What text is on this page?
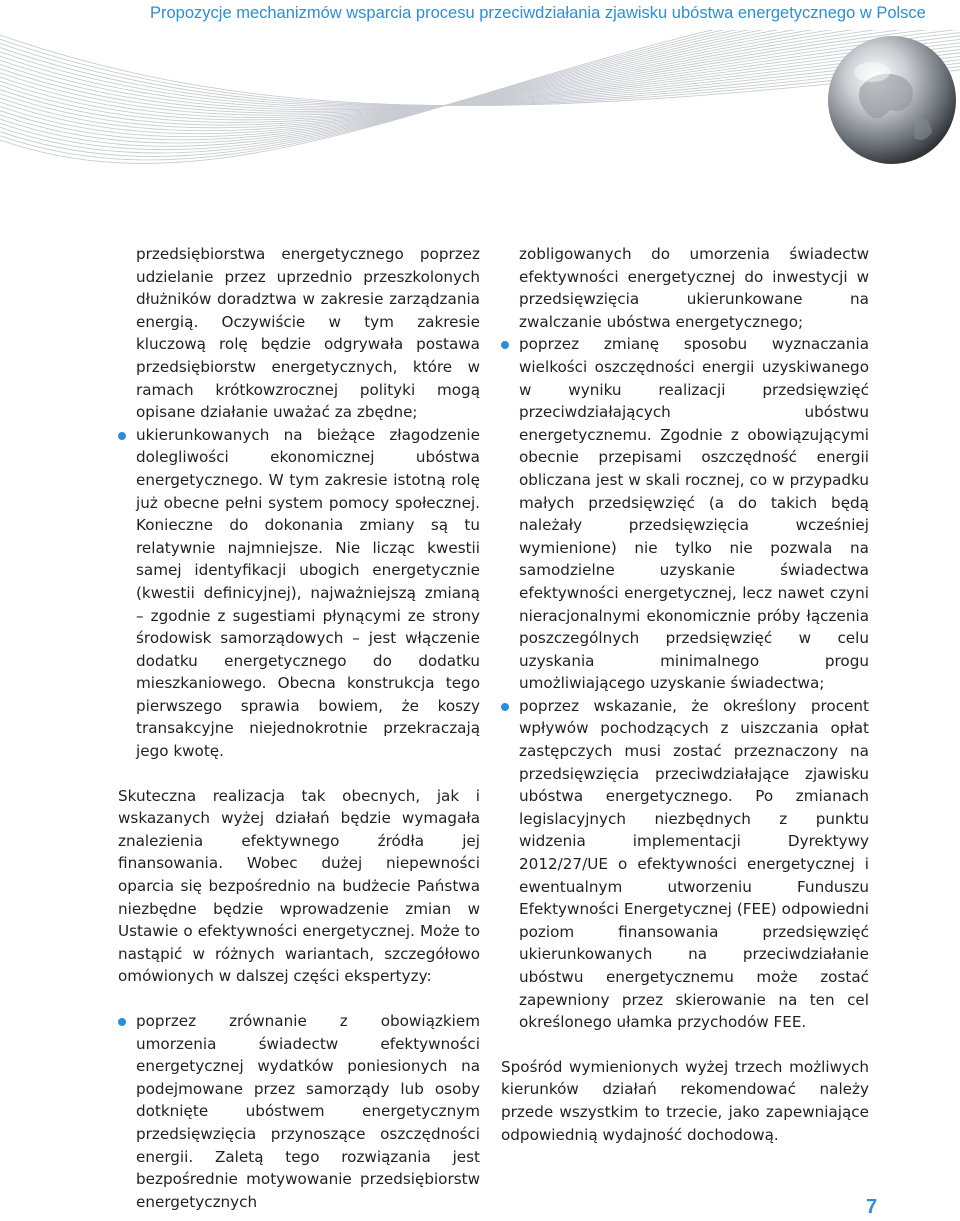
Propozycje mechanizmów wsparcia procesu przeciwdziałania zjawisku ubóstwa energetycznego w Polsce

przedsiębiorstwa energetycznego poprzez udzielanie przez uprzednio przeszkolonych dłużników doradztwa w zakresie zarządzania energią. Oczywiście w tym zakresie kluczową rolę będzie odgrywała postawa przedsiębiorstw energetycznych, które w ramach krótkowzrocznej polityki mogą opisane działanie uważać za zbędne;

ukierunkowanych na bieżące złagodzenie dolegliwości ekonomicznej ubóstwa energetycznego. W tym zakresie istotną rolę już obecne pełni system pomocy społecznej. Konieczne do dokonania zmiany są tu relatywnie najmniejsze. Nie licząc kwestii samej identyfikacji ubogich energetycznie (kwestii definicyjnej), najważniejszą zmianą – zgodnie z sugestiami płynącymi ze strony środowisk samorządowych – jest włączenie dodatku energetycznego do dodatku mieszkaniowego. Obecna konstrukcja tego pierwszego sprawia bowiem, że koszy transakcyjne niejednokrotnie przekraczają jego kwotę.

Skuteczna realizacja tak obecnych, jak i wskazanych wyżej działań będzie wymagała znalezienia efektywnego źródła jej finansowania. Wobec dużej niepewności oparcia się bezpośrednio na budżecie Państwa niezbędne będzie wprowadzenie zmian w Ustawie o efektywności energetycznej. Może to nastąpić w różnych wariantach, szczegółowo omówionych w dalszej części ekspertyzy:

poprzez zrównanie z obowiązkiem umorzenia świadectw efektywności energetycznej wydatków poniesionych na podejmowane przez samorządy lub osoby dotknięte ubóstwem energetycznym przedsięwzięcia przynoszące oszczędności energii. Zaletą tego rozwiązania jest bezpośrednie motywowanie przedsiębiorstw energetycznych

zobligowanych do umorzenia świadectw efektywności energetycznej do inwestycji w przedsięwzięcia ukierunkowane na zwalczanie ubóstwa energetycznego;

poprzez zmianę sposobu wyznaczania wielkości oszczędności energii uzyskiwanego w wyniku realizacji przedsięwzięć przeciwdziałających ubóstwu energetycznemu. Zgodnie z obowiązującymi obecnie przepisami oszczędność energii obliczana jest w skali rocznej, co w przypadku małych przedsięwzięć (a do takich będą należały przedsięwzięcia wcześniej wymienione) nie tylko nie pozwala na samodzielne uzyskanie świadectwa efektywności energetycznej, lecz nawet czyni nieracjonalnymi ekonomicznie próby łączenia poszczególnych przedsięwzięć w celu uzyskania minimalnego progu umożliwiającego uzyskanie świadectwa;
poprzez wskazanie, że określony procent wpływów pochodzących z uiszczania opłat zastępczych musi zostać przeznaczony na przedsięwzięcia przeciwdziałające zjawisku ubóstwa energetycznego. Po zmianach legislacyjnych niezbędnych z punktu widzenia implementacji Dyrektywy 2012/27/UE o efektywności energetycznej i ewentualnym utworzeniu Funduszu Efektywności Energetycznej (FEE) odpowiedni poziom finansowania przedsięwzięć ukierunkowanych na przeciwdziałanie ubóstwu energetycznemu może zostać zapewniony przez skierowanie na ten cel określonego ułamka przychodów FEE.

Spośród wymienionych wyżej trzech możliwych kierunków działań rekomendować należy przede wszystkim to trzecie, jako zapewniające odpowiednią wydajność dochodową.

7
